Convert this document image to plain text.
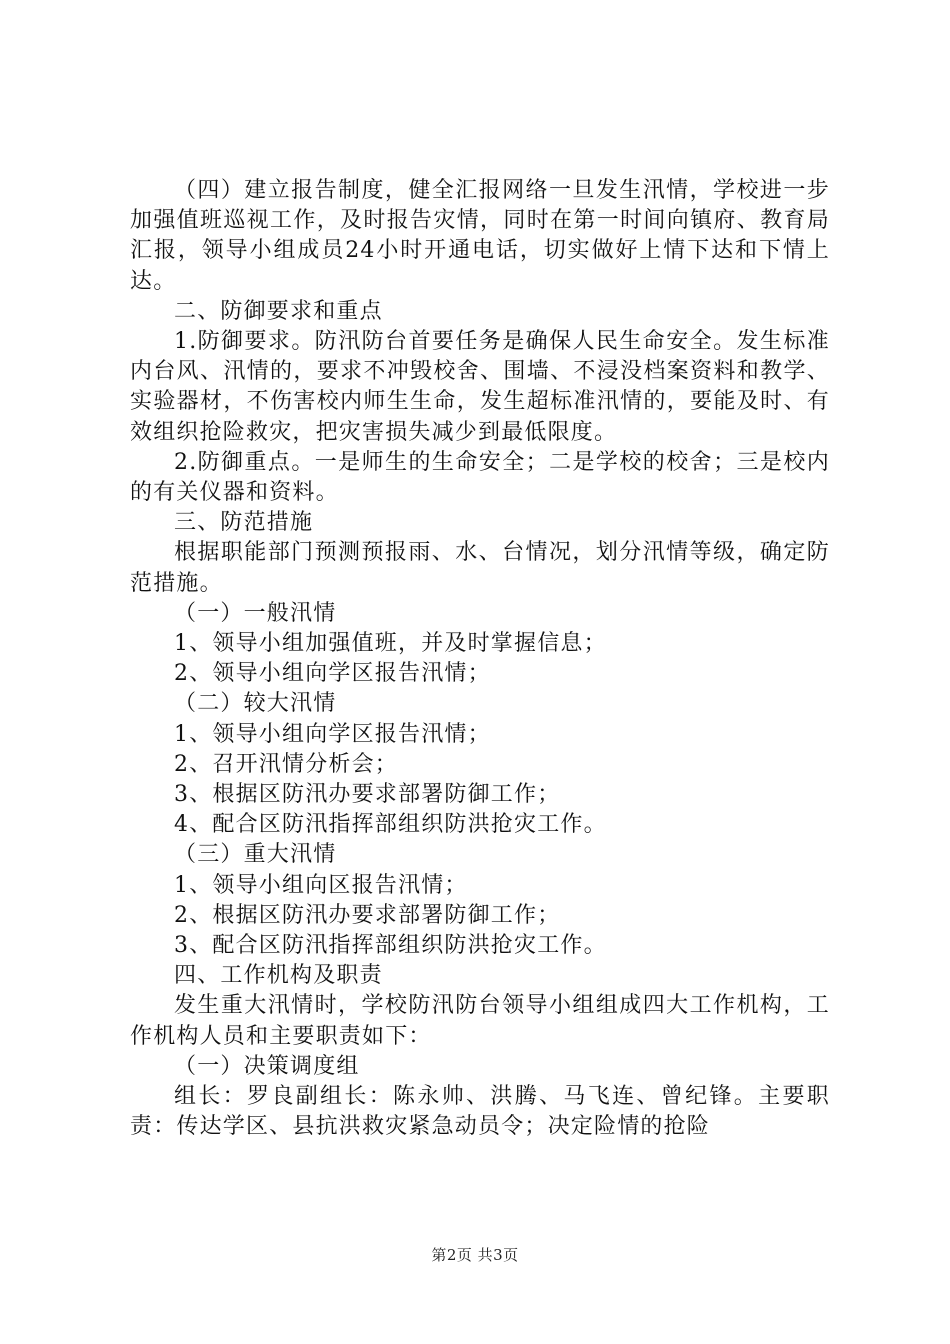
（四）建立报告制度，健全汇报网络一旦发生汛情，学校进一步加强值班巡视工作，及时报告灾情，同时在第一时间向镇府、教育局汇报，领导小组成员24小时开通电话，切实做好上情下达和下情上达。

二、防御要求和重点

1.防御要求。防汛防台首要任务是确保人民生命安全。发生标准内台风、汛情的，要求不冲毁校舍、围墙、不浸没档案资料和教学、实验器材，不伤害校内师生生命，发生超标准汛情的，要能及时、有效组织抢险救灾，把灾害损失减少到最低限度。

2.防御重点。一是师生的生命安全；二是学校的校舍；三是校内的有关仪器和资料。

三、防范措施

根据职能部门预测预报雨、水、台情况，划分汛情等级，确定防范措施。

（一）一般汛情

1、领导小组加强值班，并及时掌握信息；

2、领导小组向学区报告汛情；

（二）较大汛情

1、领导小组向学区报告汛情；

2、召开汛情分析会；

3、根据区防汛办要求部署防御工作；

4、配合区防汛指挥部组织防洪抢灾工作。

（三）重大汛情

1、领导小组向区报告汛情；

2、根据区防汛办要求部署防御工作；

3、配合区防汛指挥部组织防洪抢灾工作。

四、工作机构及职责

发生重大汛情时，学校防汛防台领导小组组成四大工作机构，工作机构人员和主要职责如下：

（一）决策调度组

组长：罗良副组长：陈永帅、洪腾、马飞连、曾纪锋。主要职责：传达学区、县抗洪救灾紧急动员令；决定险情的抢险

第2页 共3页
